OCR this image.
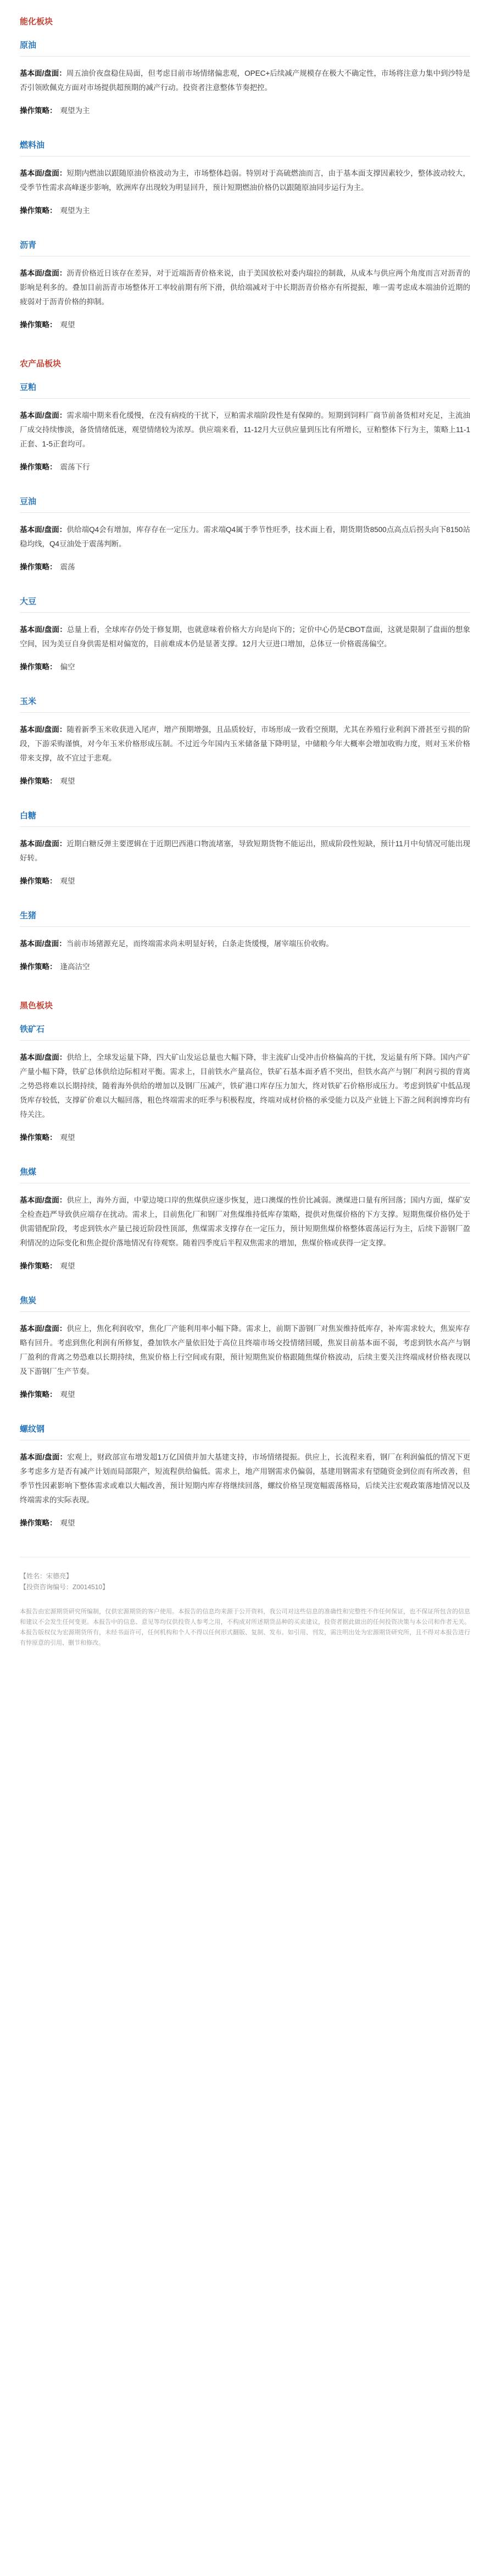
能化板块
原油

基本面/盘面：周五油价夜盘稳住局面，但考虑目前市场情绪偏悲观，OPEC+后续减产规模存在极大不确定性，市场将注意力集中到沙特是否引领欧佩克方面对市场提供超预期的减产行动。投资者注意整体节奏把控。

操作策略： 观望为主
燃料油

基本面/盘面：短期内燃油以跟随原油价格波动为主，市场整体趋弱。特别对于高硫燃油而言，由于基本面支撑因素较少，整体波动较大，受季节性需求高峰逐步影响，欧洲库存出现较为明显回升，预计短期燃油价格仍以跟随原油同步运行为主。

操作策略： 观望为主
沥青

基本面/盘面：沥青价格近日该存在差异，对于近端沥青价格来说，由于美国放松对委内瑞拉的制裁，从成本与供应两个角度而言对沥青的影响是利多的。叠加目前沥青市场整体开工率较前期有所下滑，供给端减对于中长期沥青价格亦有所提振，唯一需考虑成本端油价近期的疲弱对于沥青价格的抑制。

操作策略： 观望
农产品板块
豆粕

基本面/盘面：需求端中期来看化缓慢，在没有病疫的干扰下，豆粕需求端阶段性是有保障的。短期到饲料厂商节前备货相对充足，主流油厂成交持续惨淡，备货情绪低迷，观望情绪较为浓厚。供应端来看，11-12月大豆供应量到压比有所增长，豆粕整体下行为主，策略上11-1正套、1-5正套均可。

操作策略： 震荡下行
豆油

基本面/盘面：供给端Q4会有增加，库存存在一定压力。需求端Q4属于季节性旺季，技术面上看，期货期货8500点高点后拐头向下8150站稳均线，Q4豆油处于震荡判断。

操作策略： 震荡
大豆

基本面/盘面：总量上看，全球库存仍处于修复期，也就意味着价格大方向是向下的；定价中心仍是CBOT盘面，这就是限制了盘面的想象空间，因为美豆自身供需是相对偏宽的，目前难成本仍是显著支撑。12月大豆进口增加，总体豆一价格震荡偏空。

操作策略： 偏空
玉米

基本面/盘面：随着新季玉米收获进入尾声，增产预期增强，且品质较好，市场形成一致看空预期，尤其在养殖行业利润下滑甚至亏损的阶段，下游采购谨慎，对今年玉米价格形成压制。不过近今年国内玉米储备量下降明显，中储粮今年大概率会增加收购力度，则对玉米价格带来支撑，故不宜过于悲观。

操作策略： 观望
白糖

基本面/盘面：近期白糖反弹主要逻辑在于近期巴西港口物流堵塞，导致短期货物不能运出，照成阶段性短缺，预计11月中旬情况可能出现好转。

操作策略： 观望
生猪

基本面/盘面：当前市场猪源充足，而终端需求尚未明显好转，白条走货缓慢，屠宰端压价收购。

操作策略： 逢高沽空
黑色板块
铁矿石

基本面/盘面：供给上，全球发运量下降，四大矿山发运总量也大幅下降，非主流矿山受冲击价格偏高的干扰，发运量有所下降。国内产矿产量小幅下降，铁矿总体供给边际相对平衡。需求上，目前铁水产量高位，铁矿石基本面矛盾不突出，但铁水高产与钢厂利润亏损的背离之势恐将难以长期持续，随着海外供给的增加以及钢厂压减产，铁矿港口库存压力加大，终对铁矿石价格形成压力。考虑到铁矿中低品现货库存较低，支撑矿价难以大幅回落，粗色终端需求的旺季与积极程度，终端对成材价格的承受能力以及产业链上下游之间利润博弈均有待关注。

操作策略： 观望
焦煤

基本面/盘面：供应上，海外方面，中蒙边境口岸的焦煤供应逐步恢复，进口澳煤的性价比减弱。澳煤进口量有所回落；国内方面，煤矿安全检查趋严导致供应端存在扰动。需求上，目前焦化厂和钢厂对焦煤维持低库存策略，提供对焦煤价格的下方支撑。短期焦煤价格仍处于供需错配阶段，考虑到铁水产量已接近阶段性顶部，焦煤需求支撑存在一定压力，预计短期焦煤价格整体震荡运行为主，后续下游钢厂盈利情况的边际变化和焦企提价落地情况有待观察。随着四季度后半程双焦需求的增加，焦煤价格或获得一定支撑。

操作策略： 观望
焦炭

基本面/盘面：供应上，焦化利润收窄，焦化厂产能利用率小幅下降。需求上，前期下游钢厂对焦炭维持低库存，补库需求较大，焦炭库存略有回升。考虑到焦化利润有所修复，叠加铁水产量依旧处于高位且终端市场交投情绪回暖，焦炭目前基本面不弱，考虑到铁水高产与钢厂盈利的背离之势恐难以长期持续，焦炭价格上行空间或有限，预计短期焦炭价格跟随焦煤价格波动，后续主要关注终端成材价格表现以及下游钢厂生产节奏。

操作策略： 观望
螺纹钢

基本面/盘面：宏观上，财政部宣布增发超1万亿国债并加大基建支持，市场情绪提振。供应上，长流程来看，钢厂在利润偏低的情况下更多考虑多方是否有减产计划而局部限产，短流程供给偏低。需求上，地产用钢需求仍偏弱，基建用钢需求有望随资金到位而有所改善，但季节性因素影响下整体需求或难以大幅改善，预计短期内库存将继续回落，螺纹价格呈现宽幅震荡格局，后续关注宏观政策落地情况以及终端需求的实际表现。

操作策略： 观望
【姓名：宋德亮】
【投资咨询编号：Z0014510】
本报告由宏源期货研究所编制，仅供宏源期货的客户使用。本报告的信息均来源于公开资料，我公司对这些信息的准确性和完整性不作任何保证，也不保证所包含的信息和建议不会发生任何变更。本报告中的信息、意见等均仅供投资人参考之用，不构成对所述期货品种的买卖建议，投资者据此做出的任何投资决策与本公司和作者无关。本报告版权仅为宏源期货所有，未经书面许可，任何机构和个人不得以任何形式翻版、复制、发布。如引用、刊发，需注明出处为宏源期货研究所，且不得对本报告进行有悖原意的引用、删节和修改。
